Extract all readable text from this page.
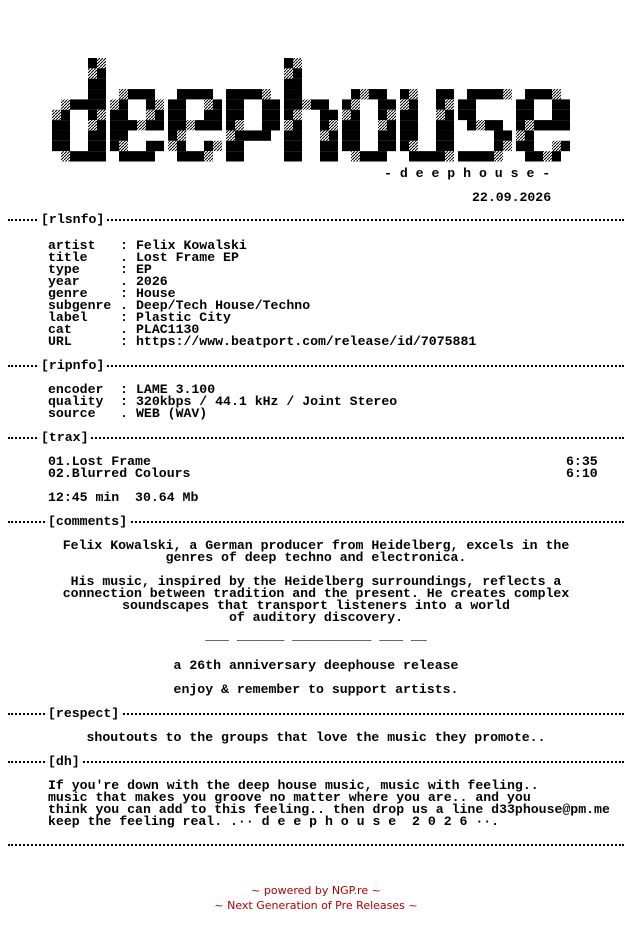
- d e e p h o u s e -
22.09.2026
[rlsnfo]

artist : Felix Kowalski

title . Lost Frame EP

type	: EP

year	. 2026

genre : House

subgenre . Deep/Tech House/Techno

label : Plastic City

cat	. PLAC1130

URL	: https://www.beatport.com/release/id/7075881

[ripnfo]

encoder : LAME 3.100

quality : 320kbps / 44.1 kHz / Joint Stereo

source . WEB (WAV)

[trax]
01.Lost Frame	6:35
02.Blurred Colours	6:10
12:45 min  30.64 Mb
[comments]
Felix Kowalski, a German producer from Heidelberg, excels in the
genres of deep techno and electronica.
His music, inspired by the Heidelberg surroundings, reflects a
connection between tradition and the present. He creates complex
soundscapes that transport listeners into a world
of auditory discovery.
___ ______ __________ ___ __
a 26th anniversary deephouse release
enjoy & remember to support artists.
[respect]
shoutouts to the groups that love the music they promote..
[dh]
If you're down with the deep house music, music with feeling..
music that makes you groove no matter where you are.. and you
think you can add to this feeling.. then drop us a line d33phouse@pm.me
keep the feeling real. .·· d e e p h o u s e  2 0 2 6 ··.
~ powered by NGP.re ~
~ Next Generation of Pre Releases ~
